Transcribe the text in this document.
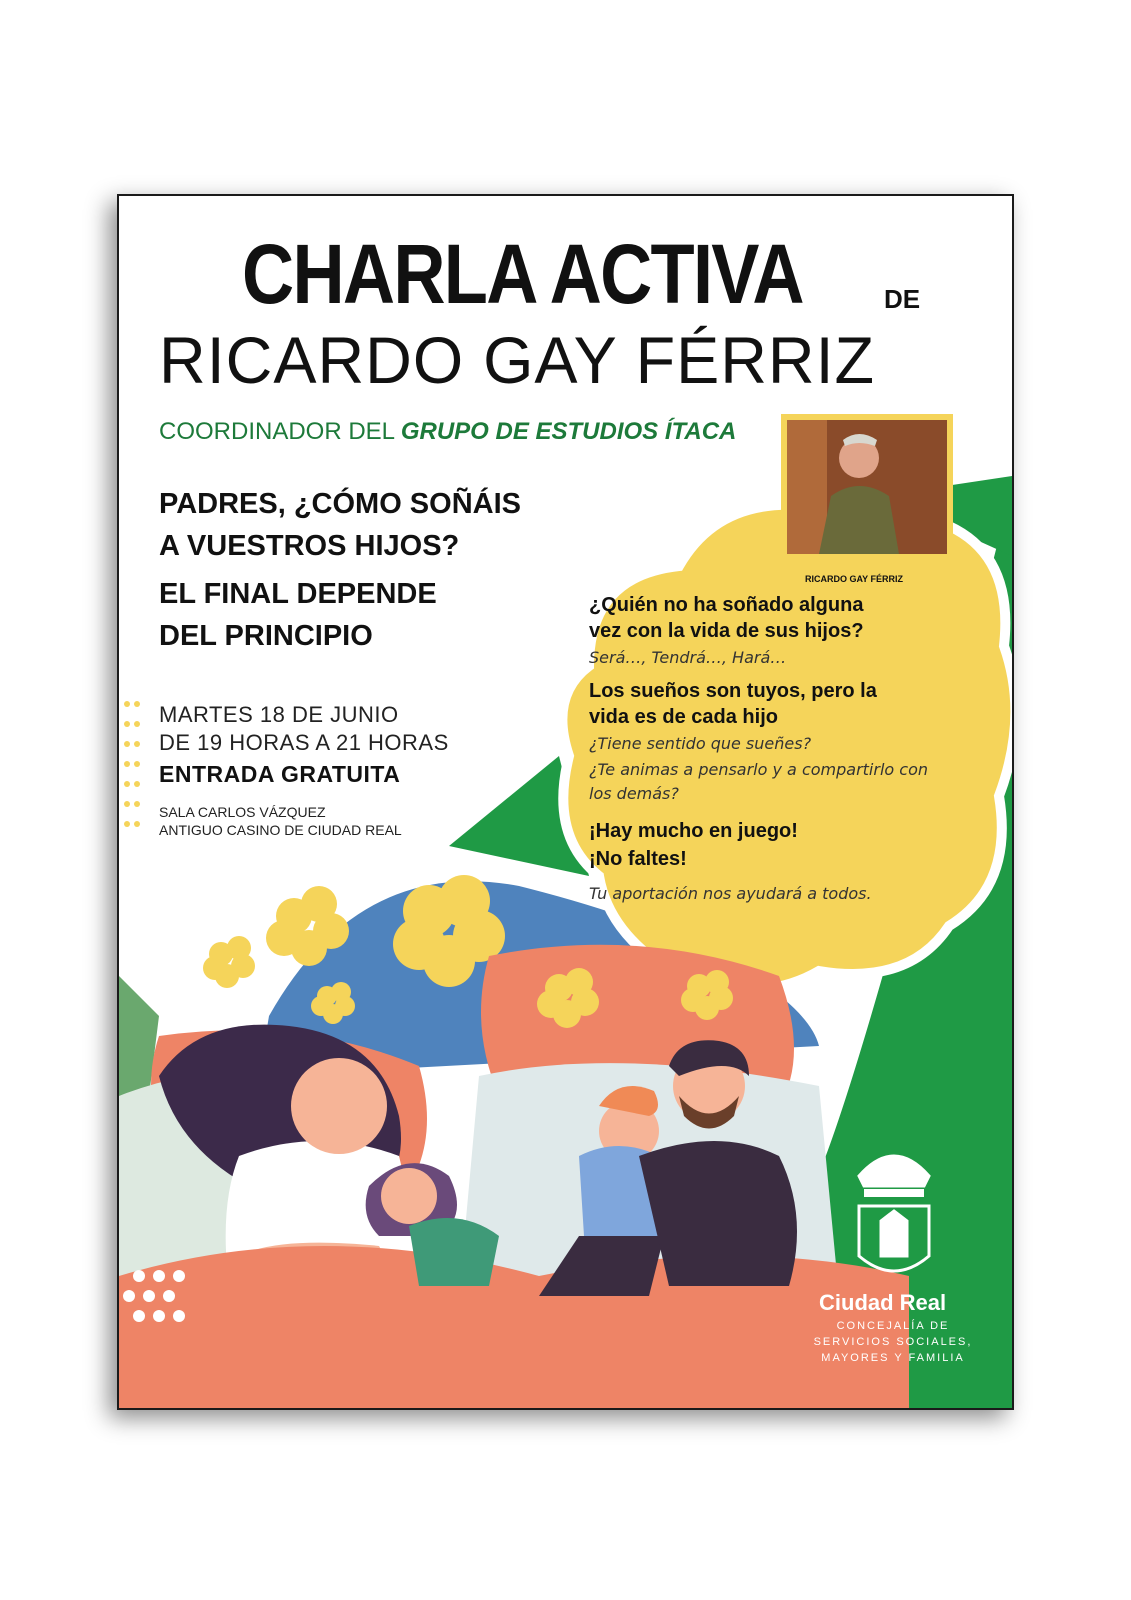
CHARLA ACTIVA	DE

RICARDO GAY FÉRRIZ

COORDINADOR DEL GRUPO DE ESTUDIOS ÍTACA

PADRES, ¿CÓMO SOÑÁIS

A VUESTROS HIJOS?

EL FINAL DEPENDE

DEL PRINCIPIO

MARTES 18 DE JUNIO

DE 19 HORAS A 21 HORAS

ENTRADA GRATUITA

SALA CARLOS VÁZQUEZ

ANTIGUO CASINO DE CIUDAD REAL

RICARDO GAY FÉRRIZ

¿Quién no ha soñado alguna

vez con la vida de sus hijos?

Será…, Tendrá…, Hará…

Los sueños son tuyos, pero la

vida es de cada hijo

¿Tiene sentido que sueñes?

¿Te animas a pensarlo y a compartirlo con

los demás?

¡Hay mucho en juego!

¡No faltes!

Tu aportación nos ayudará a todos.

Ciudad Real

CONCEJALÍA DE

SERVICIOS SOCIALES,

MAYORES Y FAMILIA
